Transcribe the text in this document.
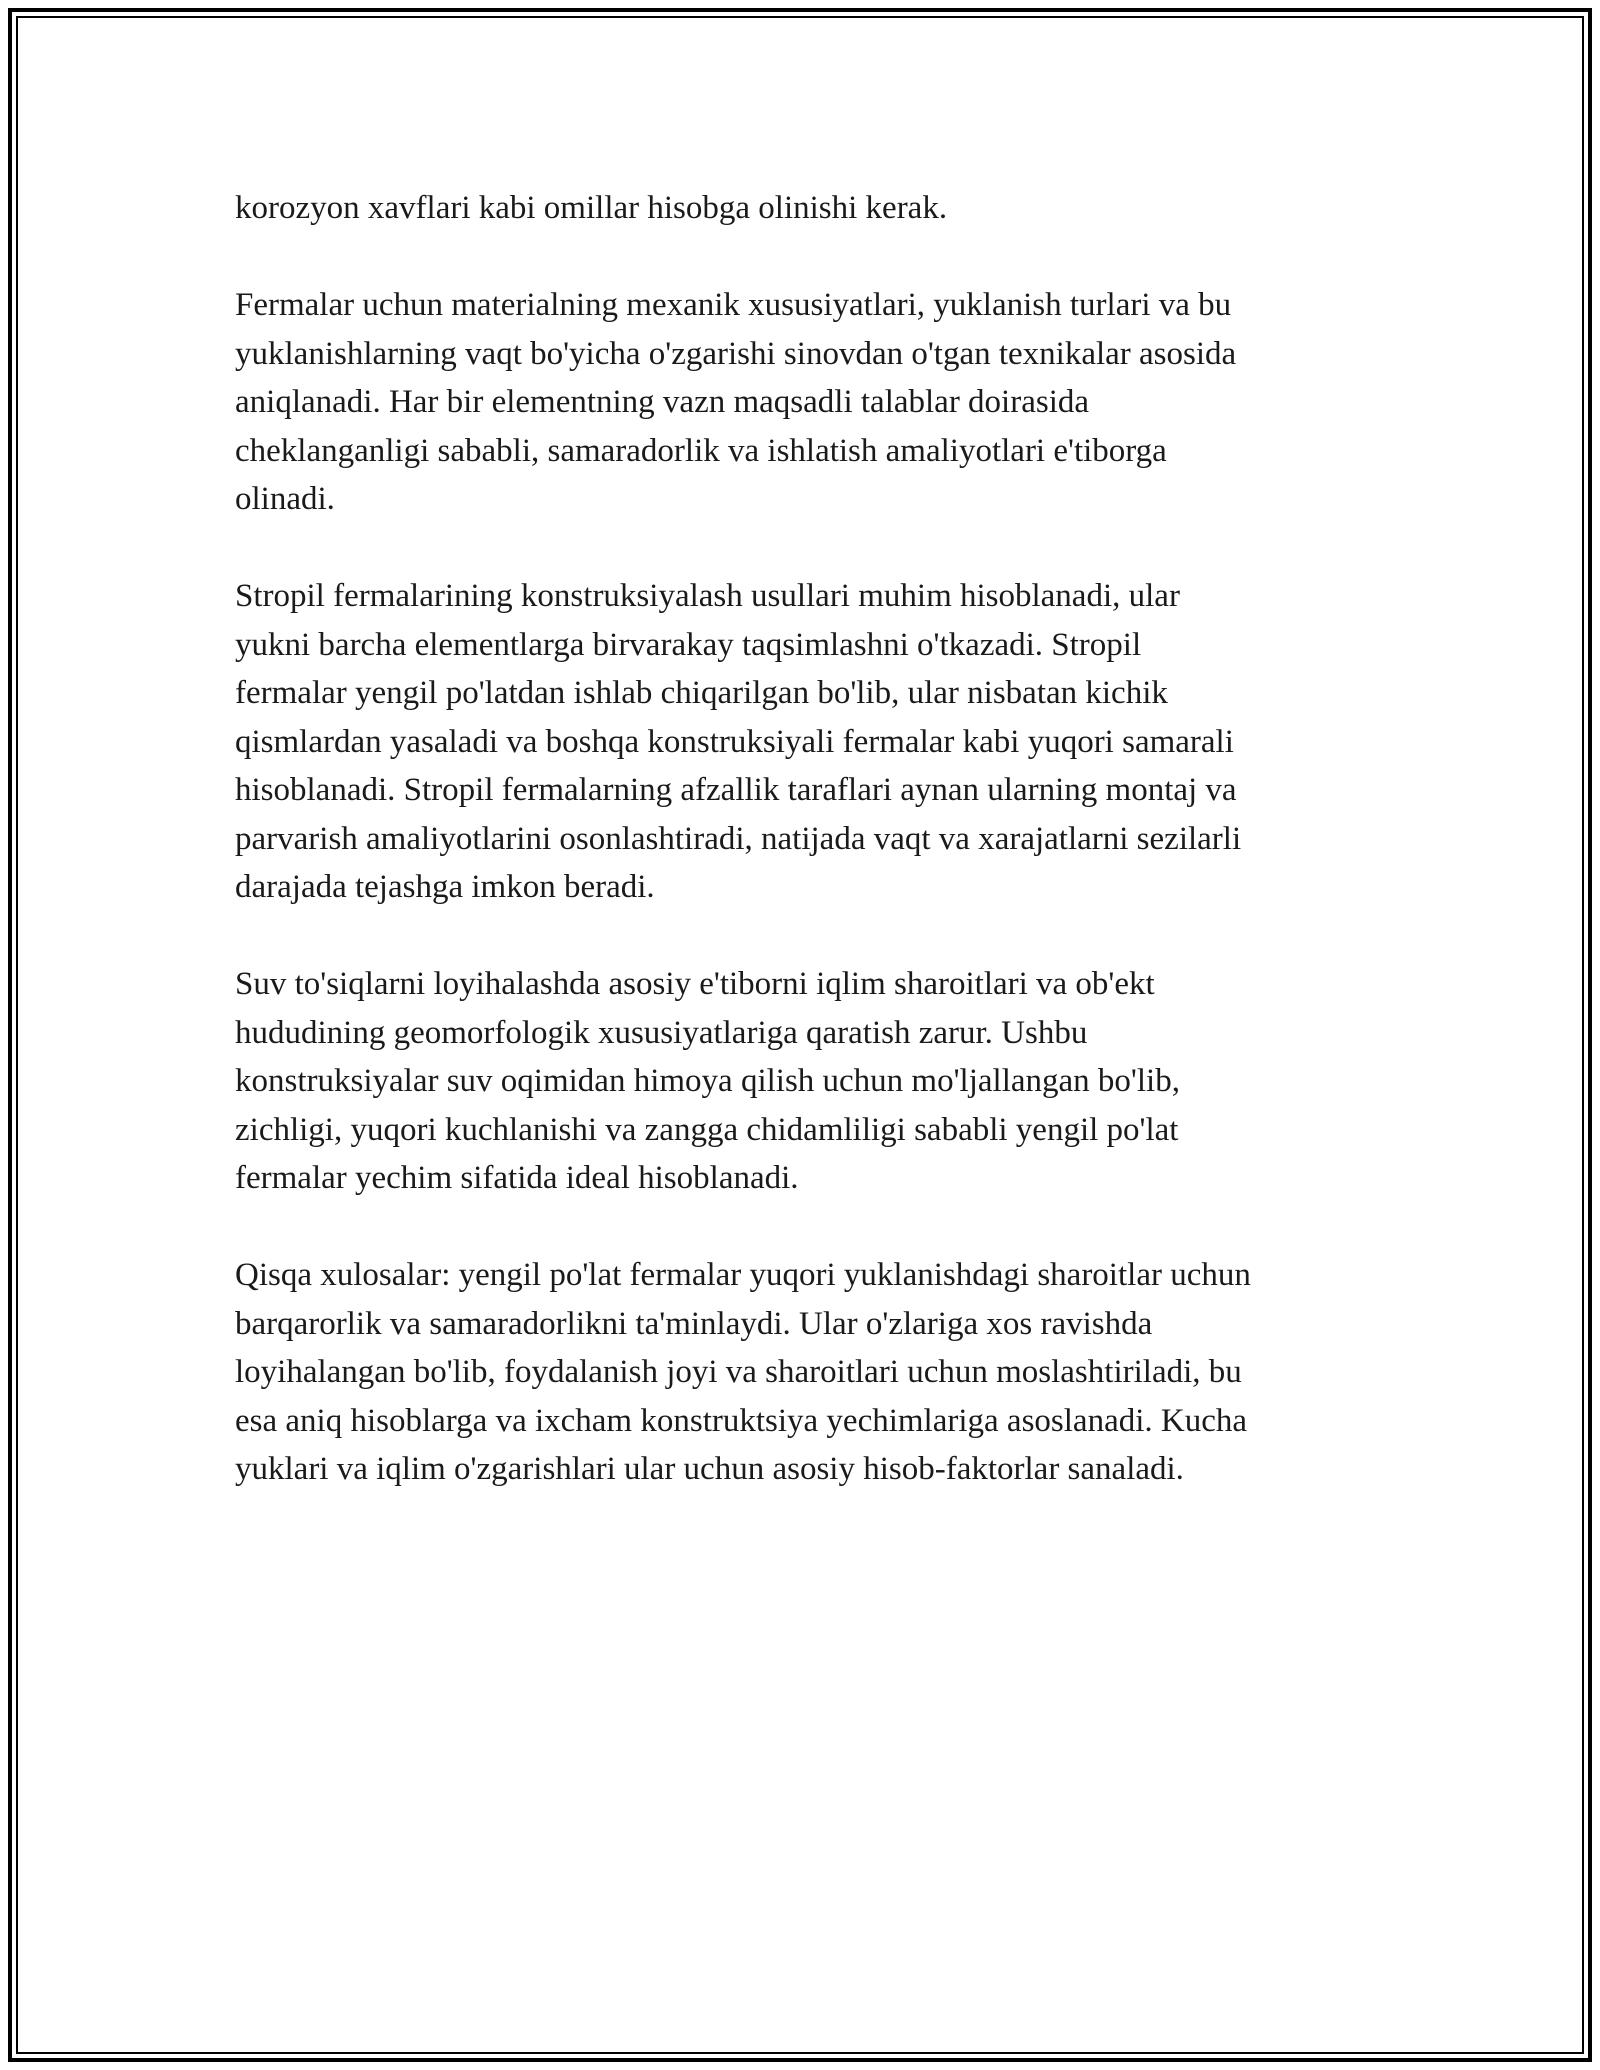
korozyon xavflari kabi omillar hisobga olinishi kerak.

Fermalar uchun materialning mexanik xususiyatlari, yuklanish turlari va bu
yuklanishlarning vaqt bo'yicha o'zgarishi sinovdan o'tgan texnikalar asosida
aniqlanadi. Har bir elementning vazn maqsadli talablar doirasida
cheklanganligi sababli, samaradorlik va ishlatish amaliyotlari e'tiborga
olinadi.

Stropil fermalarining konstruksiyalash usullari muhim hisoblanadi, ular
yukni barcha elementlarga birvarakay taqsimlashni o'tkazadi. Stropil
fermalar yengil po'latdan ishlab chiqarilgan bo'lib, ular nisbatan kichik
qismlardan yasaladi va boshqa konstruksiyali fermalar kabi yuqori samarali
hisoblanadi. Stropil fermalarning afzallik taraflari aynan ularning montaj va
parvarish amaliyotlarini osonlashtiradi, natijada vaqt va xarajatlarni sezilarli
darajada tejashga imkon beradi.

Suv to'siqlarni loyihalashda asosiy e'tiborni iqlim sharoitlari va ob'ekt
hududining geomorfologik xususiyatlariga qaratish zarur. Ushbu
konstruksiyalar suv oqimidan himoya qilish uchun mo'ljallangan bo'lib,
zichligi, yuqori kuchlanishi va zangga chidamliligi sababli yengil po'lat
fermalar yechim sifatida ideal hisoblanadi.

Qisqa xulosalar: yengil po'lat fermalar yuqori yuklanishdagi sharoitlar uchun
barqarorlik va samaradorlikni ta'minlaydi. Ular o'zlariga xos ravishda
loyihalangan bo'lib, foydalanish joyi va sharoitlari uchun moslashtiriladi, bu
esa aniq hisoblarga va ixcham konstruktsiya yechimlariga asoslanadi. Kucha
yuklari va iqlim o'zgarishlari ular uchun asosiy hisob-faktorlar sanaladi.
